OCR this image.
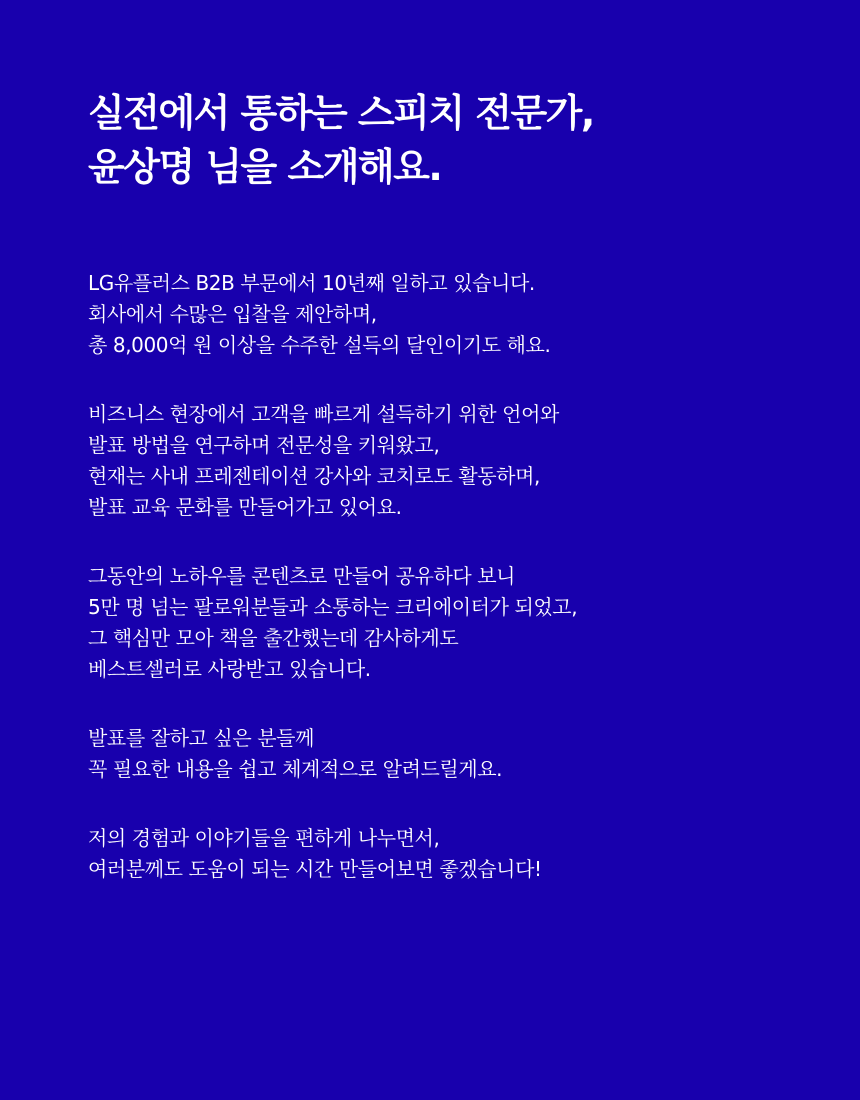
실전에서 통하는 스피치 전문가,
윤상명 님을 소개해요.

LG유플러스 B2B 부문에서 10년째 일하고 있습니다.
회사에서 수많은 입찰을 제안하며,
총 8,000억 원 이상을 수주한 설득의 달인이기도 해요.

비즈니스 현장에서 고객을 빠르게 설득하기 위한 언어와
발표 방법을 연구하며 전문성을 키워왔고,
현재는 사내 프레젠테이션 강사와 코치로도 활동하며,
발표 교육 문화를 만들어가고 있어요.

그동안의 노하우를 콘텐츠로 만들어 공유하다 보니
5만 명 넘는 팔로워분들과 소통하는 크리에이터가 되었고,
그 핵심만 모아 책을 출간했는데 감사하게도
베스트셀러로 사랑받고 있습니다.

발표를 잘하고 싶은 분들께
꼭 필요한 내용을 쉽고 체계적으로 알려드릴게요.

저의 경험과 이야기들을 편하게 나누면서,
여러분께도 도움이 되는 시간 만들어보면 좋겠습니다!
